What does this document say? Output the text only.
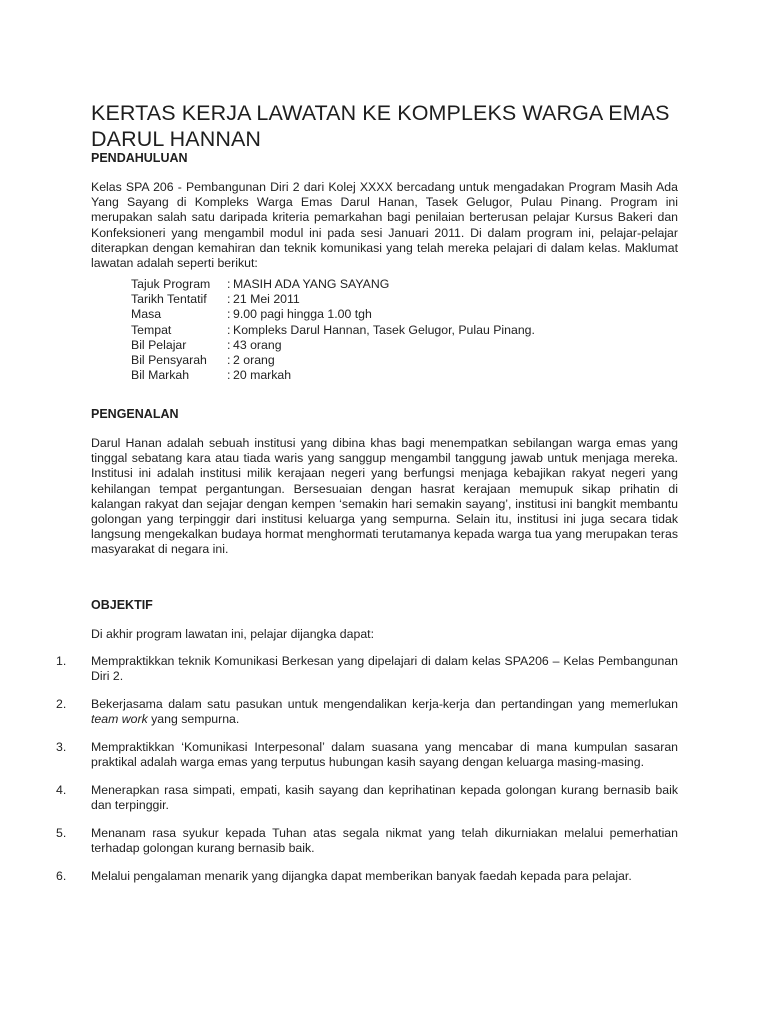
KERTAS KERJA LAWATAN KE KOMPLEKS WARGA EMAS DARUL HANNAN
PENDAHULUAN

Kelas SPA 206 - Pembangunan Diri 2 dari Kolej XXXX bercadang untuk mengadakan Program Masih Ada Yang Sayang di Kompleks Warga Emas Darul Hanan, Tasek Gelugor, Pulau Pinang. Program ini merupakan salah satu daripada kriteria pemarkahan bagi penilaian berterusan pelajar Kursus Bakeri dan Konfeksioneri yang mengambil modul ini pada sesi Januari 2011. Di dalam program ini, pelajar-pelajar diterapkan dengan kemahiran dan teknik komunikasi yang telah mereka pelajari di dalam kelas. Maklumat lawatan adalah seperti berikut:

Tajuk Program	: MASIH ADA YANG SAYANG
Tarikh Tentatif	: 21 Mei 2011
Masa	: 9.00 pagi hingga 1.00 tgh
Tempat	: Kompleks Darul Hannan, Tasek Gelugor, Pulau Pinang.
Bil Pelajar	: 43 orang
Bil Pensyarah	: 2 orang
Bil Markah	: 20 markah
PENGENALAN

Darul Hanan adalah sebuah institusi yang dibina khas bagi menempatkan sebilangan warga emas yang tinggal sebatang kara atau tiada waris yang sanggup mengambil tanggung jawab untuk menjaga mereka. Institusi ini adalah institusi milik kerajaan negeri yang berfungsi menjaga kebajikan rakyat negeri yang kehilangan tempat pergantungan. Bersesuaian dengan hasrat kerajaan memupuk sikap prihatin di kalangan rakyat dan sejajar dengan kempen ‘semakin hari semakin sayang’, institusi ini bangkit membantu golongan yang terpinggir dari institusi keluarga yang sempurna. Selain itu, institusi ini juga secara tidak langsung mengekalkan budaya hormat menghormati terutamanya kepada warga tua yang merupakan teras masyarakat di negara ini.

OBJEKTIF

Di akhir program lawatan ini, pelajar dijangka dapat:

1. Mempraktikkan teknik Komunikasi Berkesan yang dipelajari di dalam kelas SPA206 – Kelas Pembangunan Diri 2.

2. Bekerjasama dalam satu pasukan untuk mengendalikan kerja-kerja dan pertandingan yang memerlukan team work yang sempurna.

3. Mempraktikkan ‘Komunikasi Interpesonal’ dalam suasana yang mencabar di mana kumpulan sasaran praktikal adalah warga emas yang terputus hubungan kasih sayang dengan keluarga masing-masing.

4. Menerapkan rasa simpati, empati, kasih sayang dan keprihatinan kepada golongan kurang bernasib baik dan terpinggir.

5. Menanam rasa syukur kepada Tuhan atas segala nikmat yang telah dikurniakan melalui pemerhatian terhadap golongan kurang bernasib baik.

6. Melalui pengalaman menarik yang dijangka dapat memberikan banyak faedah kepada para pelajar.
